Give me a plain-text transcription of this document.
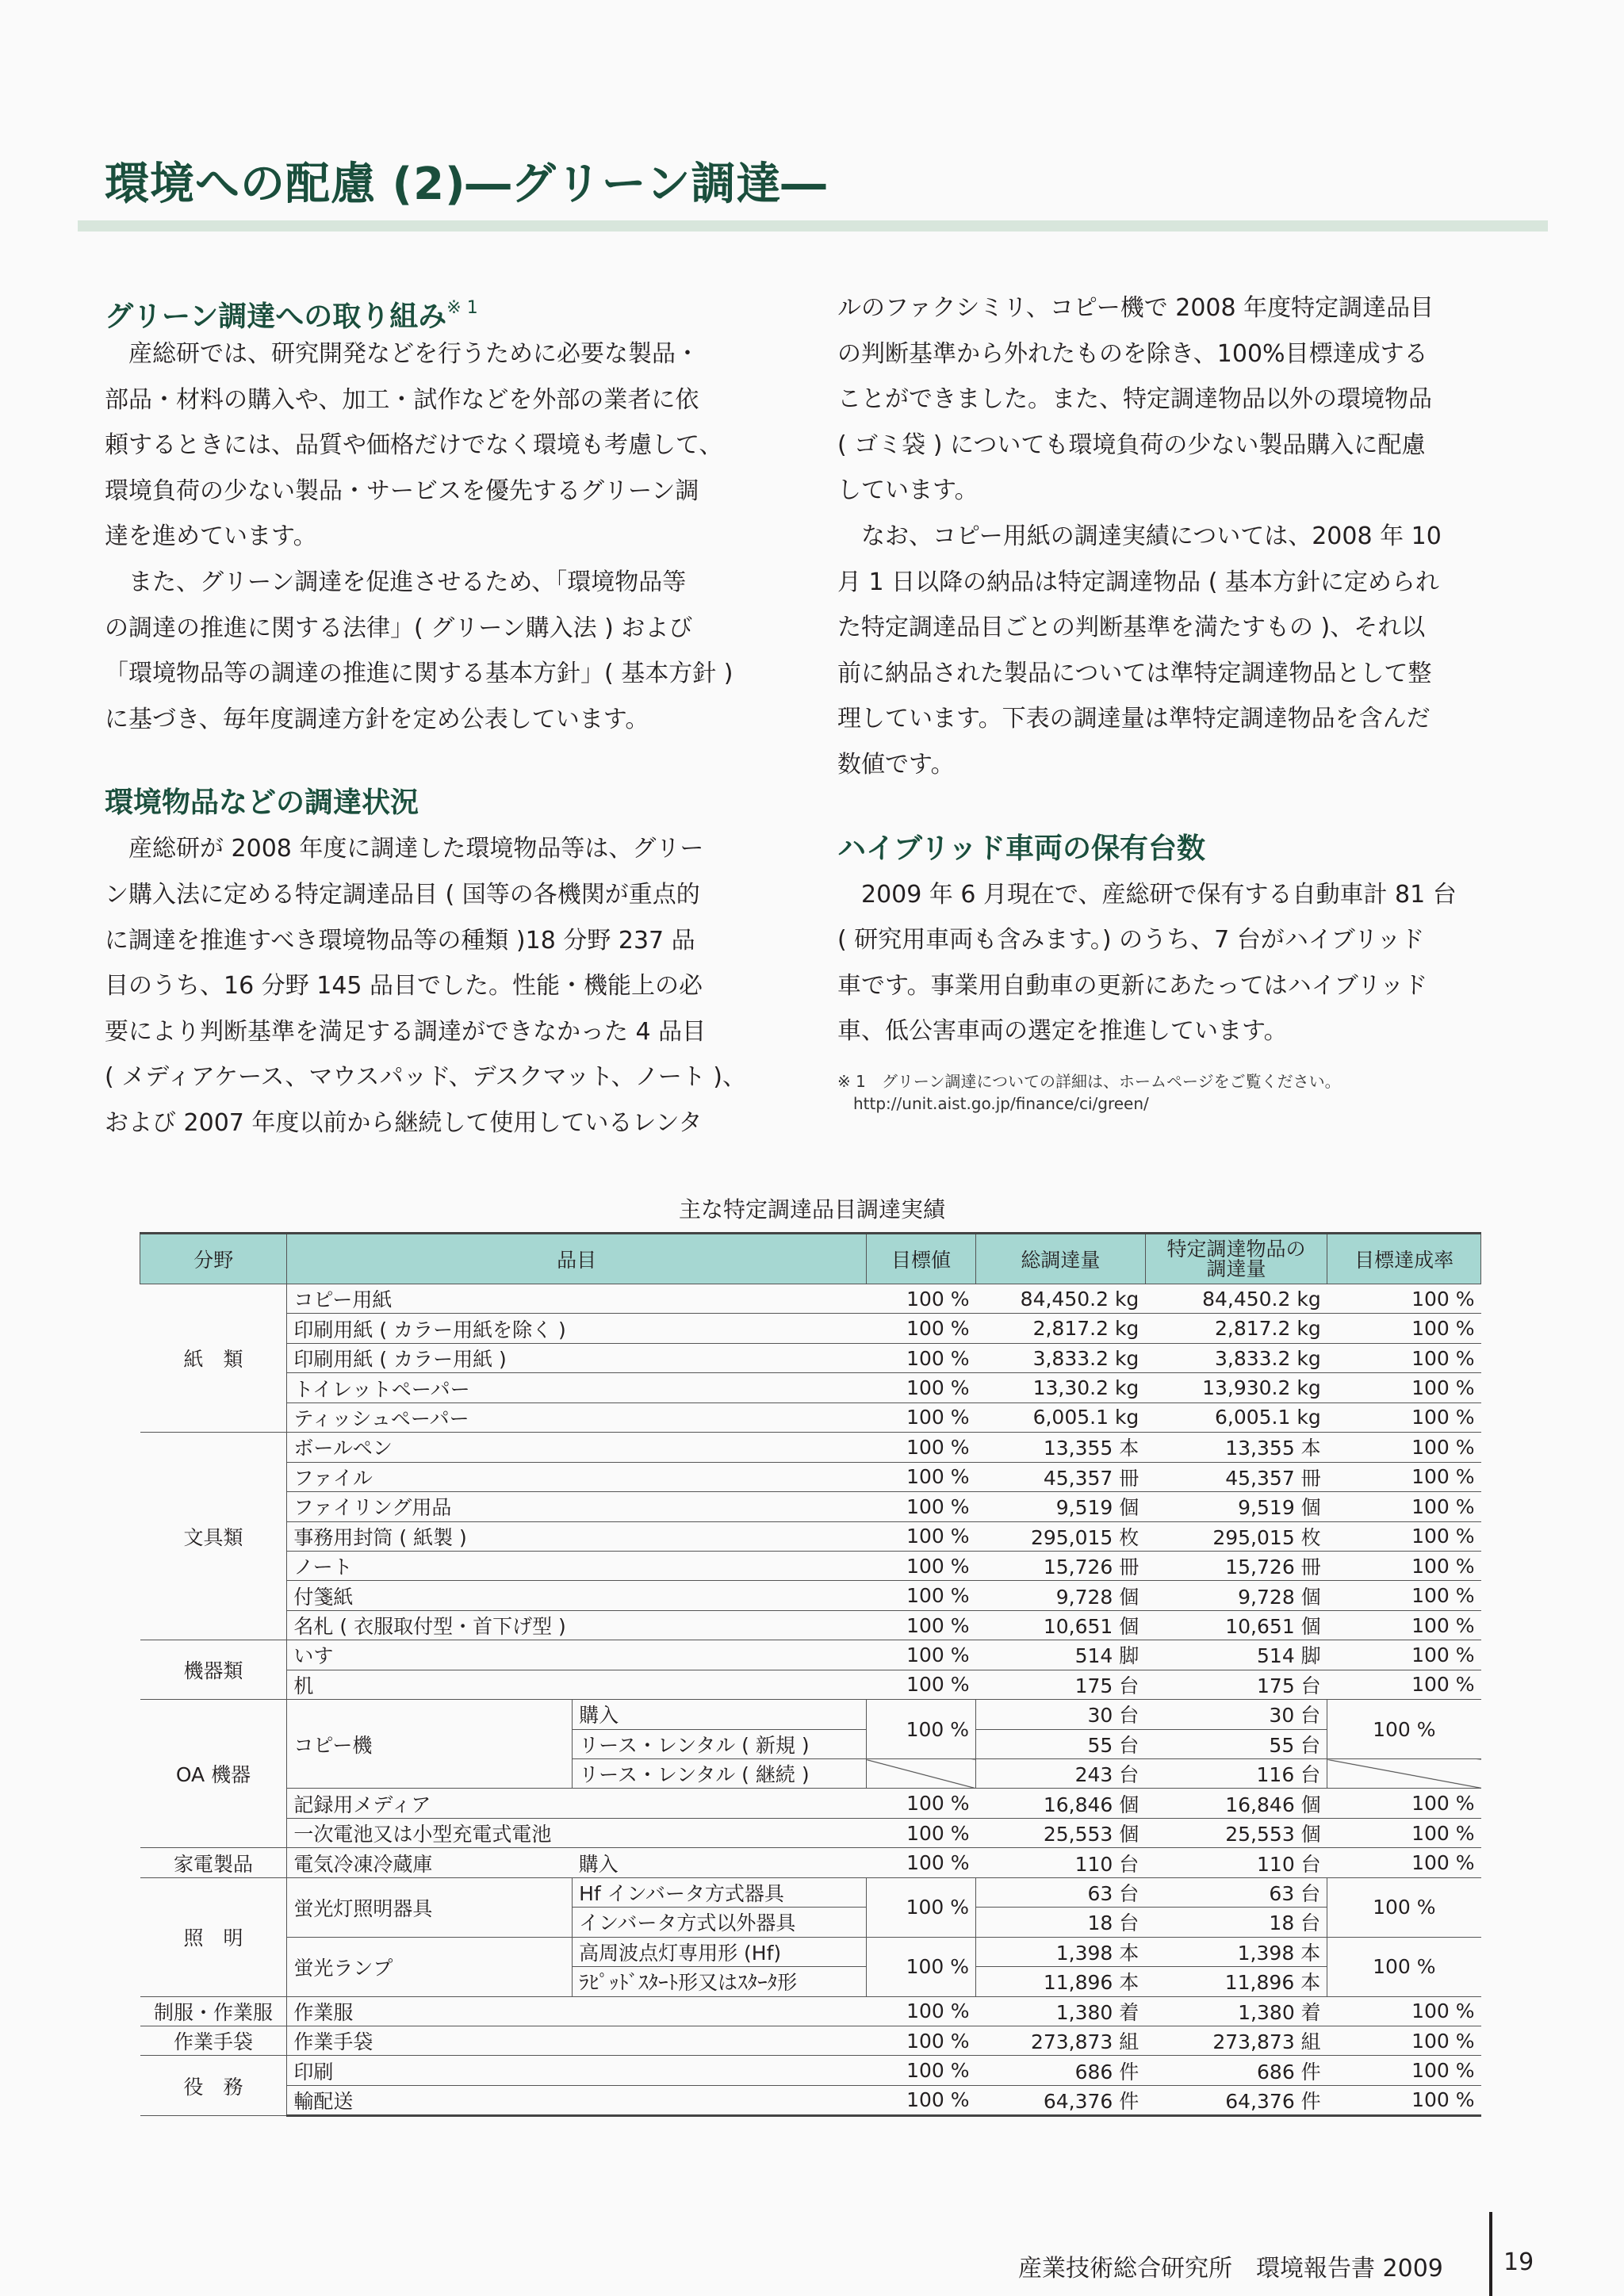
環境への配慮 (2)―グリーン調達―
グリーン調達への取り組み$^{※ 1}$
　産総研では、研究開発などを行うために必要な製品・
部品・材料の購入や、加工・試作などを外部の業者に依
頼するときには、品質や価格だけでなく環境も考慮して、
環境負荷の少ない製品・サービスを優先するグリーン調
達を進めています。
　また、グリーン調達を促進させるため、「環境物品等
の調達の推進に関する法律」( グリーン購入法 ) および
「環境物品等の調達の推進に関する基本方針」( 基本方針 )
に基づき、毎年度調達方針を定め公表しています。
環境物品などの調達状況
　産総研が 2008 年度に調達した環境物品等は、グリー
ン購入法に定める特定調達品目 ( 国等の各機関が重点的
に調達を推進すべき環境物品等の種類 )18 分野 237 品
目のうち、16 分野 145 品目でした。性能・機能上の必
要により判断基準を満足する調達ができなかった 4 品目
( メディアケース、マウスパッド、デスクマット、ノート )、
および 2007 年度以前から継続して使用しているレンタ
ルのファクシミリ、コピー機で 2008 年度特定調達品目
の判断基準から外れたものを除き、100%目標達成する
ことができました。また、特定調達物品以外の環境物品
( ゴミ袋 ) についても環境負荷の少ない製品購入に配慮
しています。
　なお、コピー用紙の調達実績については、2008 年 10
月 1 日以降の納品は特定調達物品 ( 基本方針に定められ
た特定調達品目ごとの判断基準を満たすもの )、それ以
前に納品された製品については準特定調達物品として整
理しています。下表の調達量は準特定調達物品を含んだ
数値です。
ハイブリッド車両の保有台数
　2009 年 6 月現在で、産総研で保有する自動車計 81 台
( 研究用車両も含みます。) のうち、7 台がハイブリッド
車です。事業用自動車の更新にあたってはハイブリッド
車、低公害車両の選定を推進しています。
※ 1　グリーン調達についての詳細は、ホームページをご覧ください。
　http://unit.aist.go.jp/finance/ci/green/
主な特定調達品目調達実績
分野	品目		目標値	総調達量	特定調達物品の
調達量	目標達成率
紙　類	コピー用紙		100 %	84,450.2 kg	84,450.2 kg	100 %
	印刷用紙 ( カラー用紙を除く )		100 %	2,817.2 kg	2,817.2 kg	100 %
	印刷用紙 ( カラー用紙 )		100 %	3,833.2 kg	3,833.2 kg	100 %
	トイレットペーパー		100 %	13,30.2 kg	13,930.2 kg	100 %
	ティッシュペーパー		100 %	6,005.1 kg	6,005.1 kg	100 %
文具類	ボールペン		100 %	13,355 本	13,355 本	100 %
	ファイル		100 %	45,357 冊	45,357 冊	100 %
	ファイリング用品		100 %	9,519 個	9,519 個	100 %
	事務用封筒 ( 紙製 )		100 %	295,015 枚	295,015 枚	100 %
	ノート		100 %	15,726 冊	15,726 冊	100 %
	付箋紙		100 %	9,728 個	9,728 個	100 %
	名札 ( 衣服取付型・首下げ型 )		100 %	10,651 個	10,651 個	100 %
機器類	いす		100 %	514 脚	514 脚	100 %
	机		100 %	175 台	175 台	100 %
OA 機器	コピー機	購入	100 %	30 台	30 台	100 %
		リース・レンタル ( 新規 )		55 台	55 台	
		リース・レンタル ( 継続 )		243 台	116 台	
	記録用メディア		100 %	16,846 個	16,846 個	100 %
	一次電池又は小型充電式電池		100 %	25,553 個	25,553 個	100 %
家電製品	電気冷凍冷蔵庫	購入	100 %	110 台	110 台	100 %
照　明	蛍光灯照明器具	Hf インバータ方式器具	100 %	63 台	63 台	100 %
		インバータ方式以外器具		18 台	18 台	
	蛍光ランプ	高周波点灯専用形 (Hf)	100 %	1,398 本	1,398 本	100 %
		ﾗﾋﾟｯﾄﾞｽﾀｰﾄ形又はｽﾀｰﾀ形		11,896 本	11,896 本	
制服・作業服	作業服		100 %	1,380 着	1,380 着	100 %
作業手袋	作業手袋		100 %	273,873 組	273,873 組	100 %
役　務	印刷		100 %	686 件	686 件	100 %
	輸配送		100 %	64,376 件	64,376 件	100 %
産業技術総合研究所　環境報告書 2009	19
